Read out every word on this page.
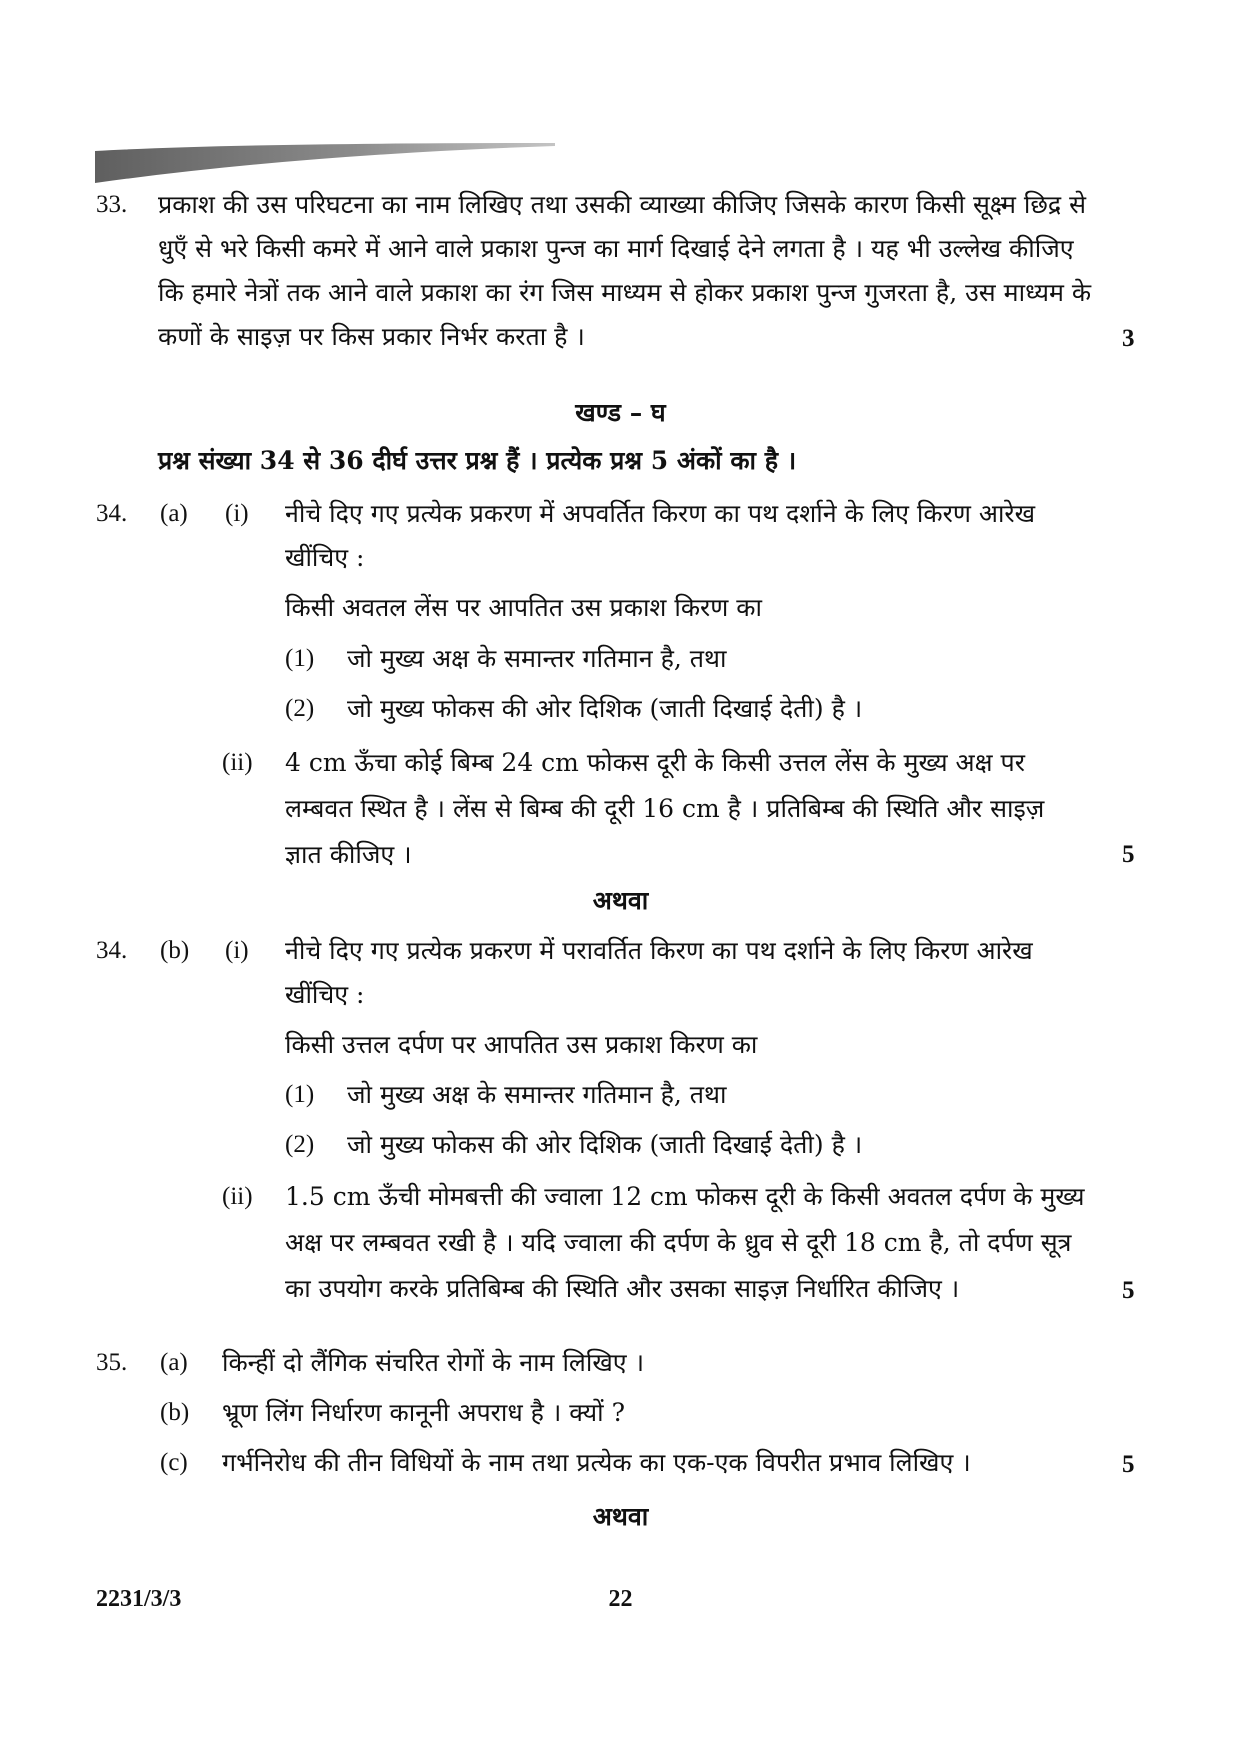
33. प्रकाश की उस परिघटना का नाम लिखिए तथा उसकी व्याख्या कीजिए जिसके कारण किसी सूक्ष्म छिद्र से
धुएँ से भरे किसी कमरे में आने वाले प्रकाश पुन्ज का मार्ग दिखाई देने लगता है । यह भी उल्लेख कीजिए
कि हमारे नेत्रों तक आने वाले प्रकाश का रंग जिस माध्यम से होकर प्रकाश पुन्ज गुजरता है, उस माध्यम के
कणों के साइज़ पर किस प्रकार निर्भर करता है ।	3
खण्ड – घ
प्रश्न संख्या 34 से 36 दीर्घ उत्तर प्रश्न हैं । प्रत्येक प्रश्न 5 अंकों का है ।
34. (a) (i) नीचे दिए गए प्रत्येक प्रकरण में अपवर्तित किरण का पथ दर्शाने के लिए किरण आरेख
खींचिए :
किसी अवतल लेंस पर आपतित उस प्रकाश किरण का
(1) जो मुख्य अक्ष के समान्तर गतिमान है, तथा
(2) जो मुख्य फोकस की ओर दिशिक (जाती दिखाई देती) है ।
(ii) 4 cm ऊँचा कोई बिम्ब 24 cm फोकस दूरी के किसी उत्तल लेंस के मुख्य अक्ष पर
लम्बवत स्थित है । लेंस से बिम्ब की दूरी 16 cm है । प्रतिबिम्ब की स्थिति और साइज़
ज्ञात कीजिए ।	5
अथवा
34. (b) (i) नीचे दिए गए प्रत्येक प्रकरण में परावर्तित किरण का पथ दर्शाने के लिए किरण आरेख
खींचिए :
किसी उत्तल दर्पण पर आपतित उस प्रकाश किरण का
(1) जो मुख्य अक्ष के समान्तर गतिमान है, तथा
(2) जो मुख्य फोकस की ओर दिशिक (जाती दिखाई देती) है ।
(ii) 1.5 cm ऊँची मोमबत्ती की ज्वाला 12 cm फोकस दूरी के किसी अवतल दर्पण के मुख्य
अक्ष पर लम्बवत रखी है । यदि ज्वाला की दर्पण के ध्रुव से दूरी 18 cm है, तो दर्पण सूत्र
का उपयोग करके प्रतिबिम्ब की स्थिति और उसका साइज़ निर्धारित कीजिए ।	5
35. (a) किन्हीं दो लैंगिक संचरित रोगों के नाम लिखिए ।
(b) भ्रूण लिंग निर्धारण कानूनी अपराध है । क्यों ?
(c) गर्भनिरोध की तीन विधियों के नाम तथा प्रत्येक का एक-एक विपरीत प्रभाव लिखिए ।	5
अथवा
2231/3/3	22
